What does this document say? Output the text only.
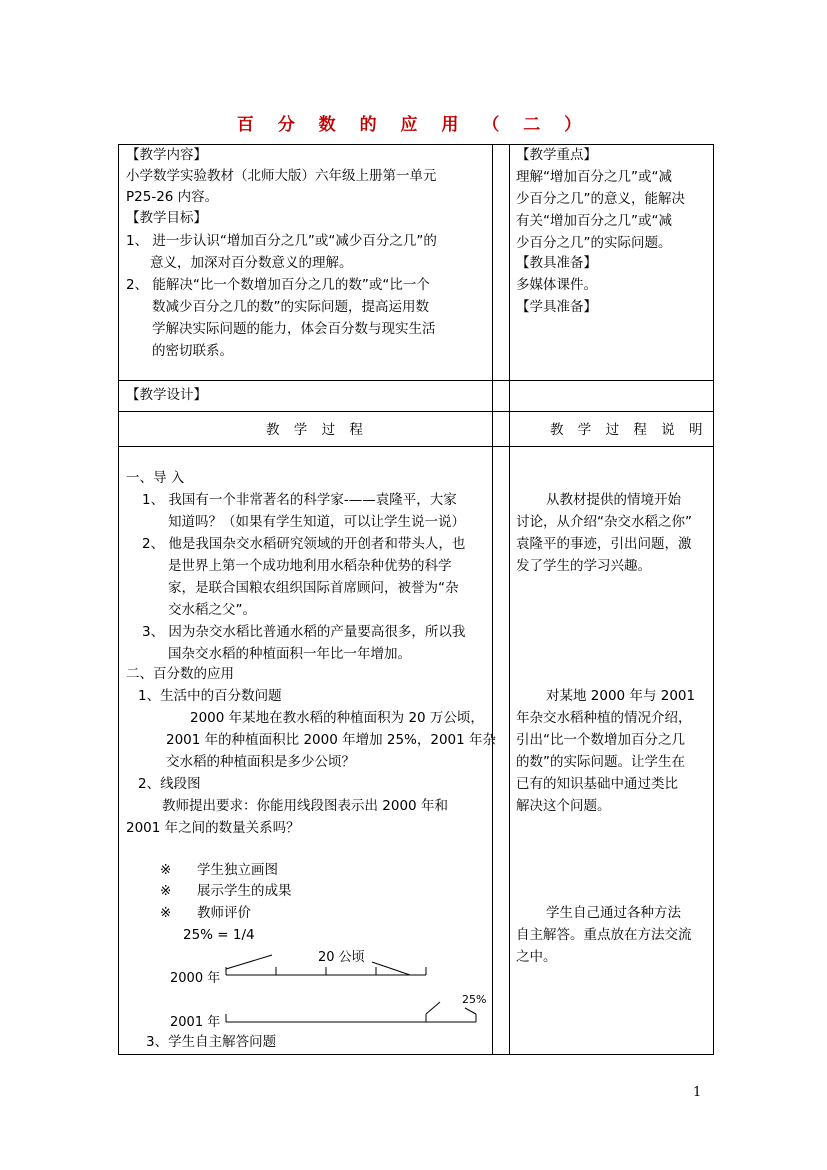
百 分 数 的 应 用 （ 二 ）
【教学内容】
小学数学实验教材（北师大版）六年级上册第一单元
P25-26 内容。
【教学目标】
1、 进一步认识“增加百分之几”或“减少百分之几”的
意义，加深对百分数意义的理解。
2、 能解决“比一个数增加百分之几的数”或“比一个
数减少百分之几的数”的实际问题，提高运用数
学解决实际问题的能力，体会百分数与现实生活
的密切联系。
【教学重点】
理解“增加百分之几”或“减
少百分之几”的意义，能解决
有关“增加百分之几”或“减
少百分之几”的实际问题。
【教具准备】
多媒体课件。
【学具准备】
【教学设计】
教 学 过 程	教 学 过 程 说 明
一、导 入
1、 我国有一个非常著名的科学家-——袁隆平，大家
知道吗？（如果有学生知道，可以让学生说一说）
2、 他是我国杂交水稻研究领域的开创者和带头人，也
是世界上第一个成功地利用水稻杂种优势的科学
家，是联合国粮农组织国际首席顾问，被誉为“杂
交水稻之父”。
3、 因为杂交水稻比普通水稻的产量要高很多，所以我
国杂交水稻的种植面积一年比一年增加。
二、百分数的应用
1、生活中的百分数问题
2000 年某地在教水稻的种植面积为 20 万公顷，
2001 年的种植面积比 2000 年增加 25%，2001 年杂
交水稻的种植面积是多少公顷？
2、线段图
教师提出要求：你能用线段图表示出 2000 年和
2001 年之间的数量关系吗？
※      学生独立画图
※      展示学生的成果
※      教师评价
25% = 1/4
3、学生自主解答问题
20 公顷
2000 年
25%
2001 年
从教材提供的情境开始
讨论，从介绍“杂交水稻之你”
袁隆平的事迹，引出问题，激
发了学生的学习兴趣。
对某地 2000 年与 2001
年杂交水稻种植的情况介绍，
引出“比一个数增加百分之几
的数”的实际问题。让学生在
已有的知识基础中通过类比
解决这个问题。
学生自己通过各种方法
自主解答。重点放在方法交流
之中。
1
